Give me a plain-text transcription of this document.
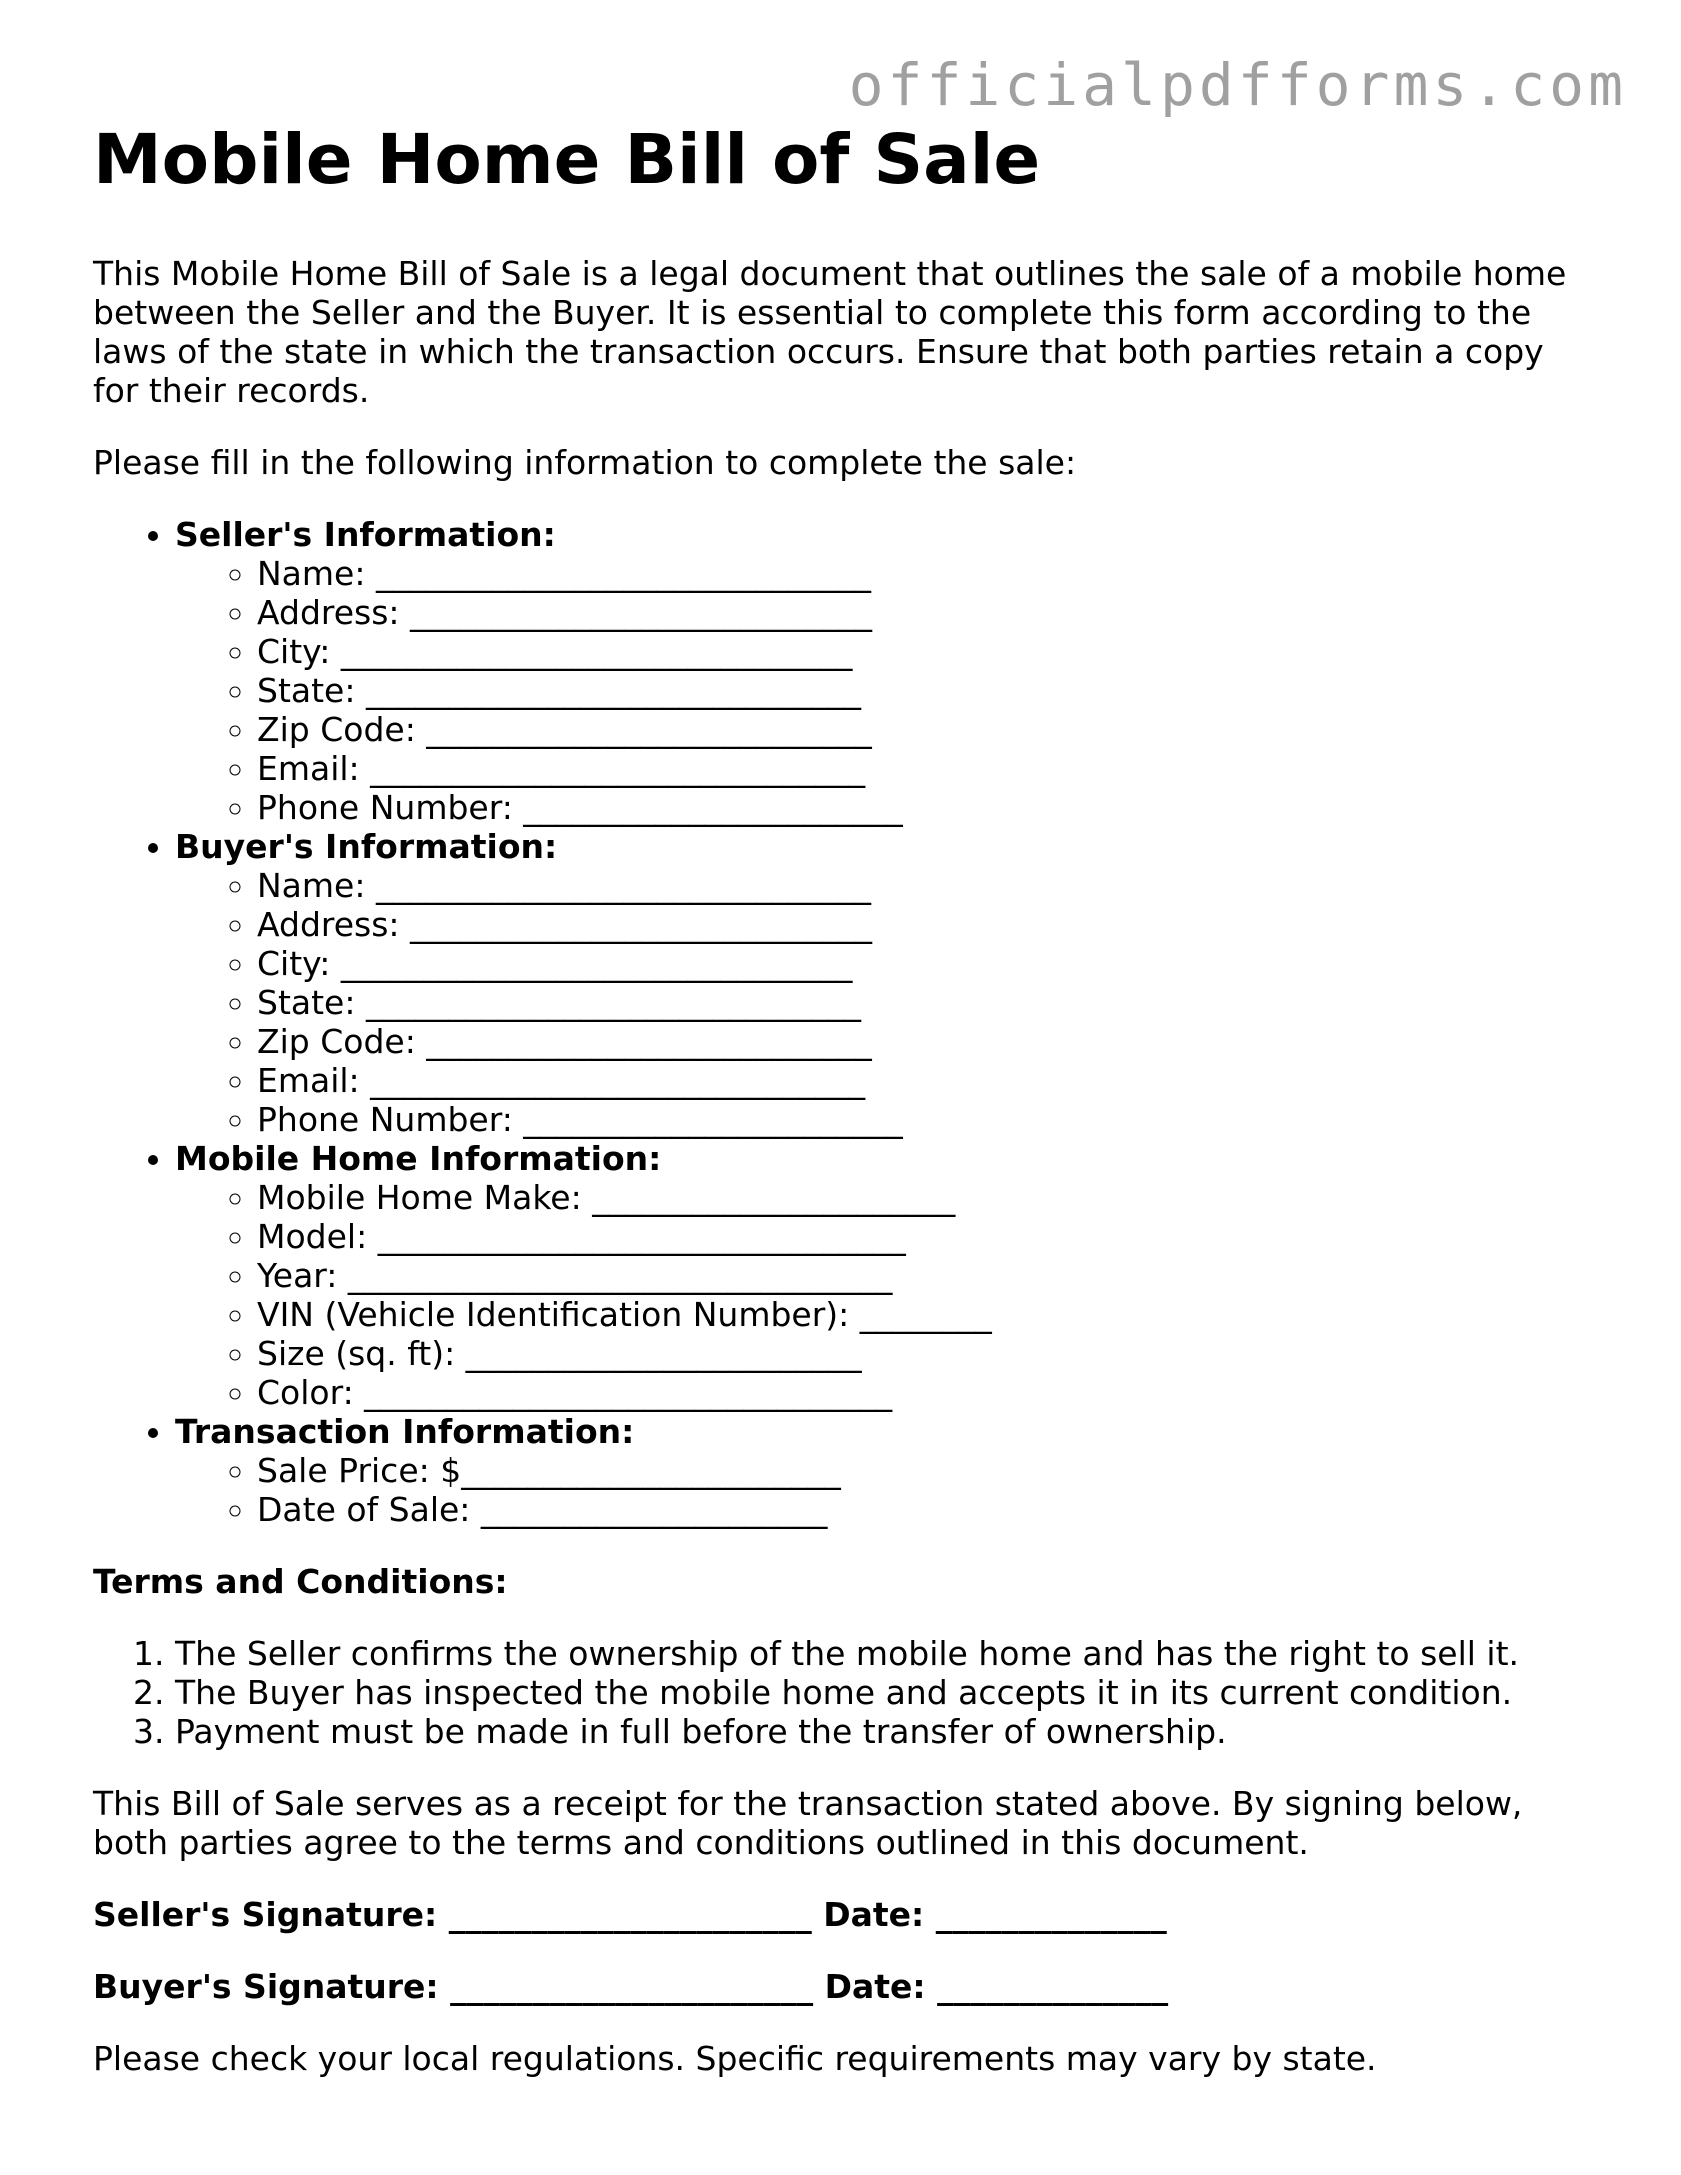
officialpdfforms.com
Mobile Home Bill of Sale

This Mobile Home Bill of Sale is a legal document that outlines the sale of a mobile home between the Seller and the Buyer. It is essential to complete this form according to the laws of the state in which the transaction occurs. Ensure that both parties retain a copy for their records.

Please fill in the following information to complete the sale:

• Seller's Information:
◦ Name: ______________________________
◦ Address: ____________________________
◦ City: _______________________________
◦ State: ______________________________
◦ Zip Code: ___________________________
◦ Email: ______________________________
◦ Phone Number: _______________________
• Buyer's Information:
◦ Name: ______________________________
◦ Address: ____________________________
◦ City: _______________________________
◦ State: ______________________________
◦ Zip Code: ___________________________
◦ Email: ______________________________
◦ Phone Number: _______________________
• Mobile Home Information:
◦ Mobile Home Make: ______________________
◦ Model: ________________________________
◦ Year: _________________________________
◦ VIN (Vehicle Identification Number): ________
◦ Size (sq. ft): ________________________
◦ Color: ________________________________
• Transaction Information:
◦ Sale Price: $_______________________
◦ Date of Sale: _____________________

Terms and Conditions:

1. The Seller confirms the ownership of the mobile home and has the right to sell it.
2. The Buyer has inspected the mobile home and accepts it in its current condition.
3. Payment must be made in full before the transfer of ownership.

This Bill of Sale serves as a receipt for the transaction stated above. By signing below, both parties agree to the terms and conditions outlined in this document.

Seller's Signature: ______________________ Date: ______________

Buyer's Signature: ______________________ Date: ______________

Please check your local regulations. Specific requirements may vary by state.
